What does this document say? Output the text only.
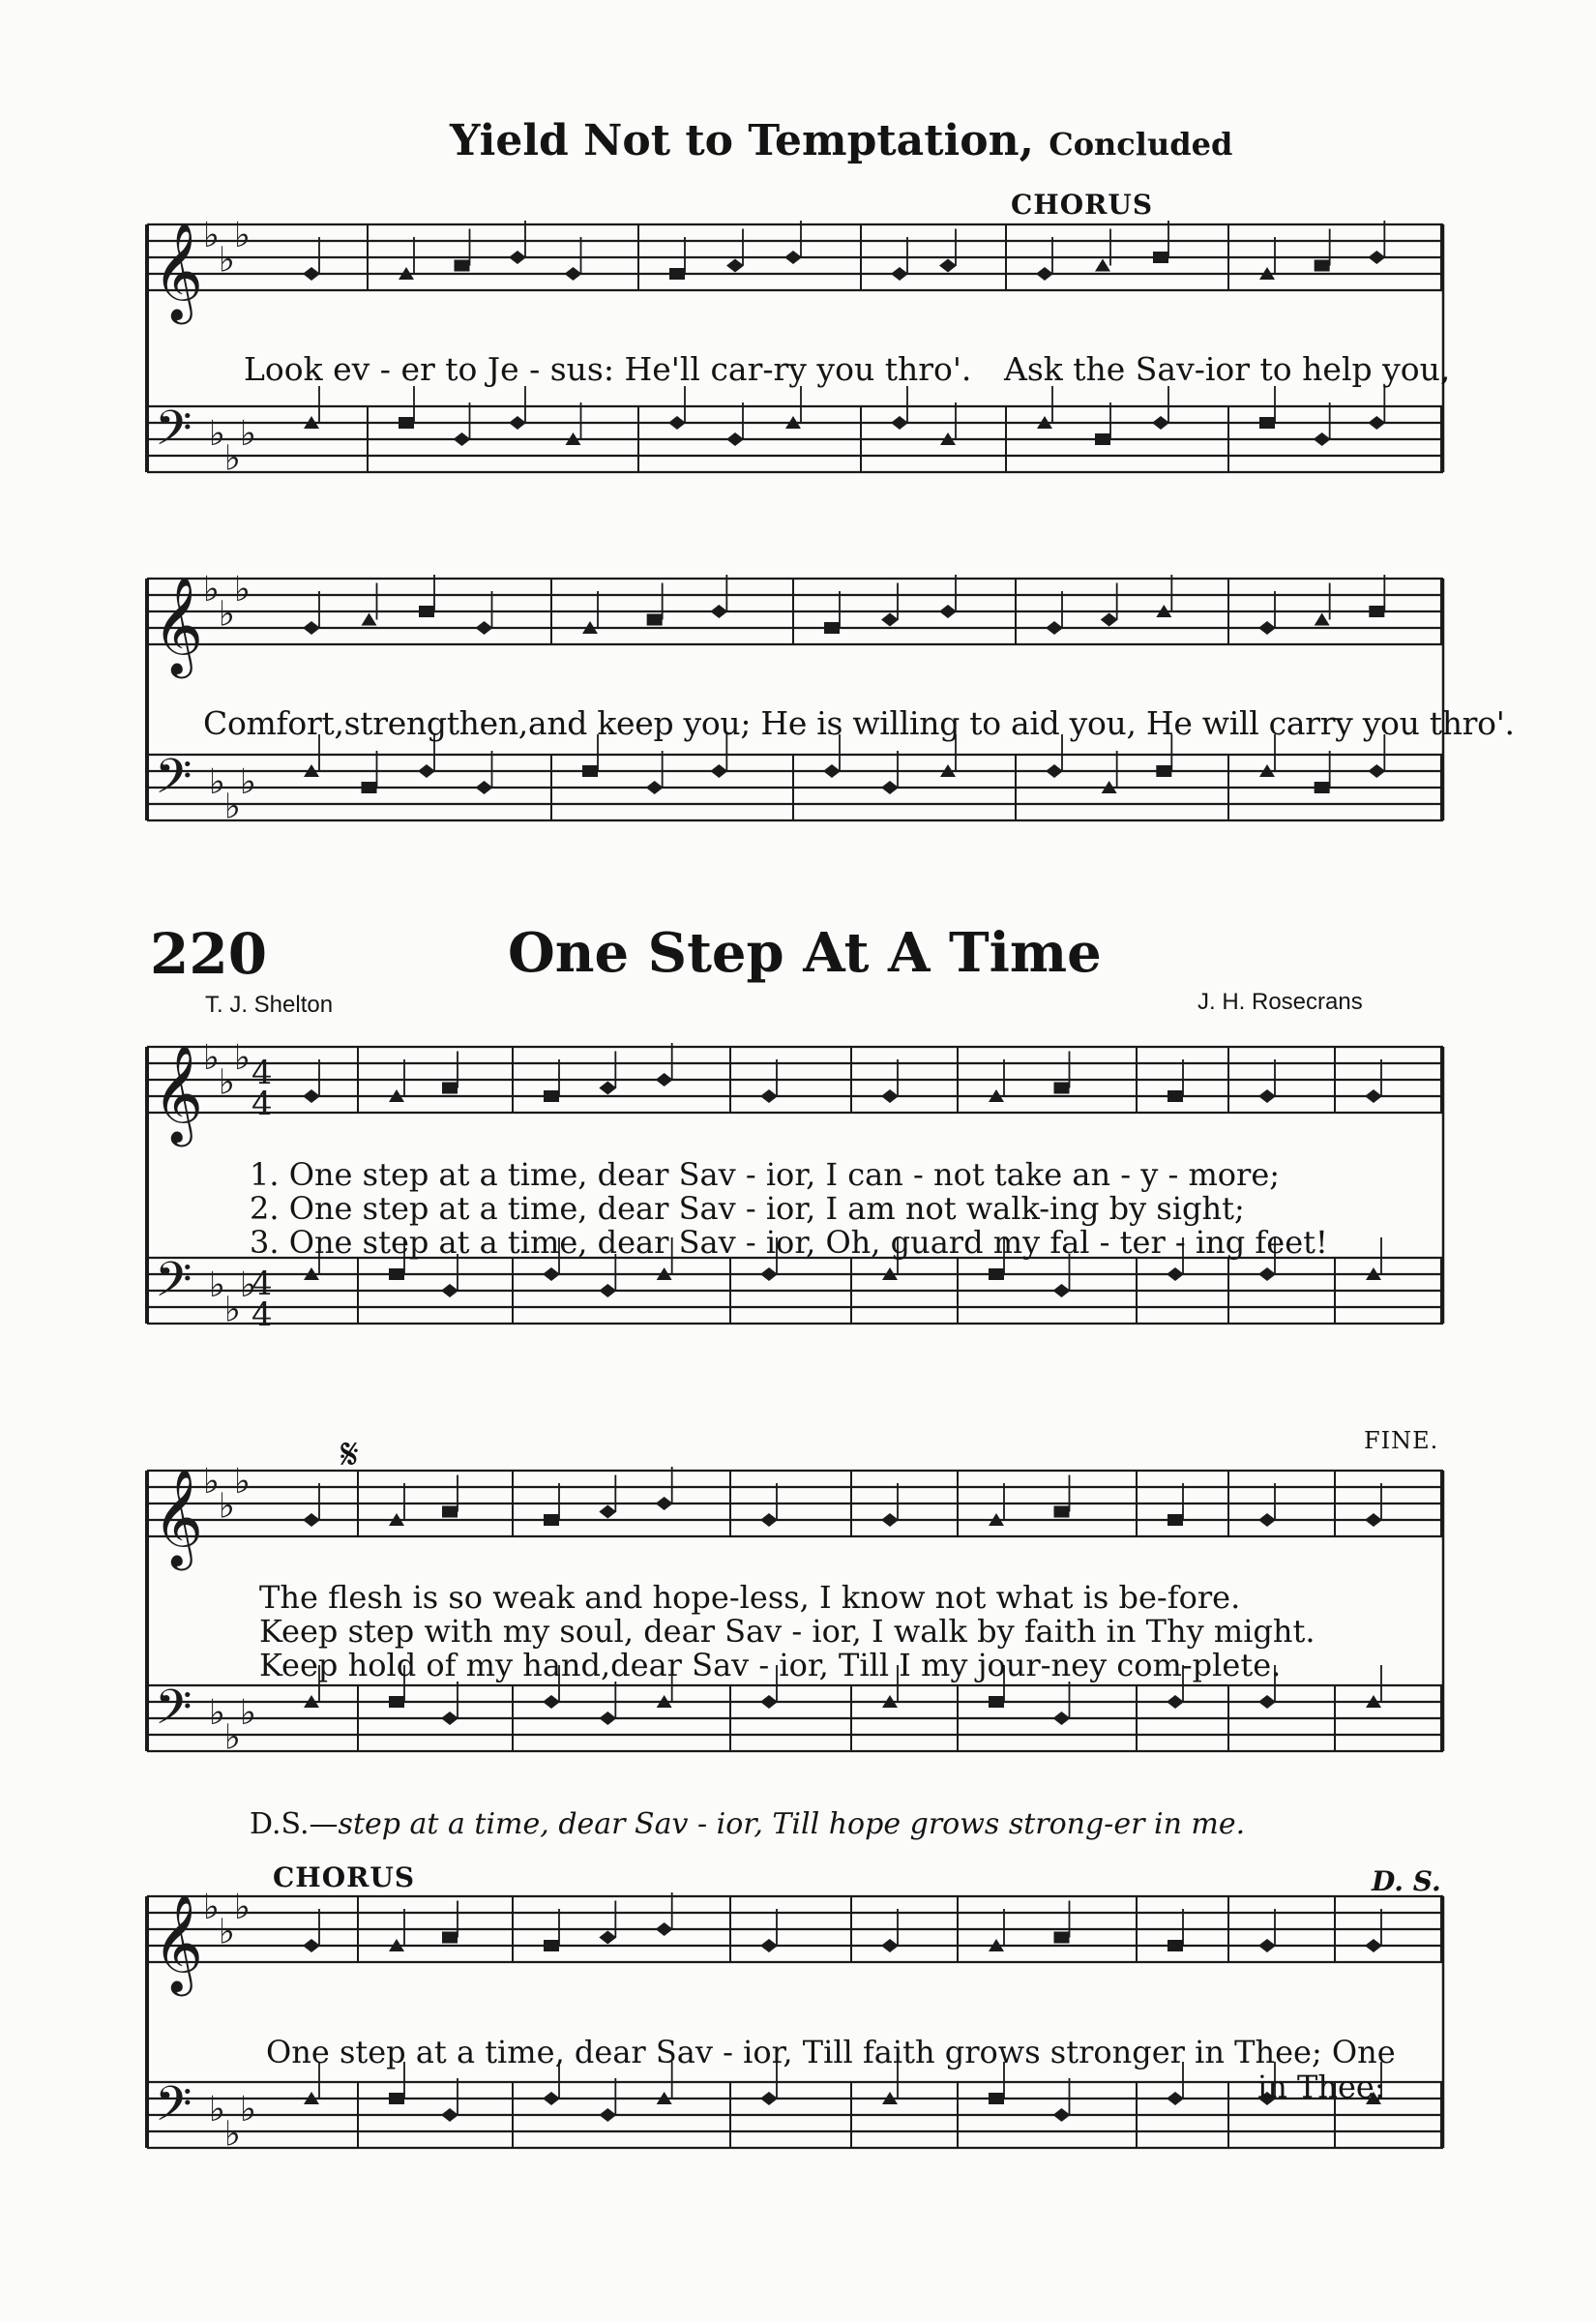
Yield Not to Temptation, Concluded
CHORUS
𝄞
𝄢
♭
♭
♭
♭
♭
♭
𝄞
𝄢
♭
♭
♭
♭
♭
♭
𝄞
𝄢
♭
♭
♭
♭
♭
♭
𝄞
𝄢
♭
♭
♭
♭
♭
♭
𝄞
𝄢
♭
♭
♭
♭
♭
♭
4
4
4
4
Look ev - er to Je - sus: He'll car-ry you thro'. Ask the Sav-ior to help you,
Comfort,strengthen,and keep you; He is willing to aid you, He will carry you thro'.
220	One Step At A Time
T. J. Shelton	J. H. Rosecrans
1. One step at a time, dear Sav - ior, I can - not take an - y - more;
2. One step at a time, dear Sav - ior, I am not walk-ing by sight;
3. One step at a time, dear Sav - ior, Oh, guard my fal - ter - ing feet!
𝄋	FINE.
The flesh is so weak and hope-less, I know not what is be-fore.
Keep step with my soul, dear Sav - ior, I walk by faith in Thy might.
Keep hold of my hand,dear Sav - ior, Till I my jour-ney com-plete.
D.S.—step at a time, dear Sav - ior, Till hope grows strong-er in me.
CHORUS	D. S.
One step at a time, dear Sav - ior, Till faith grows stronger in Thee; One
in Thee;
